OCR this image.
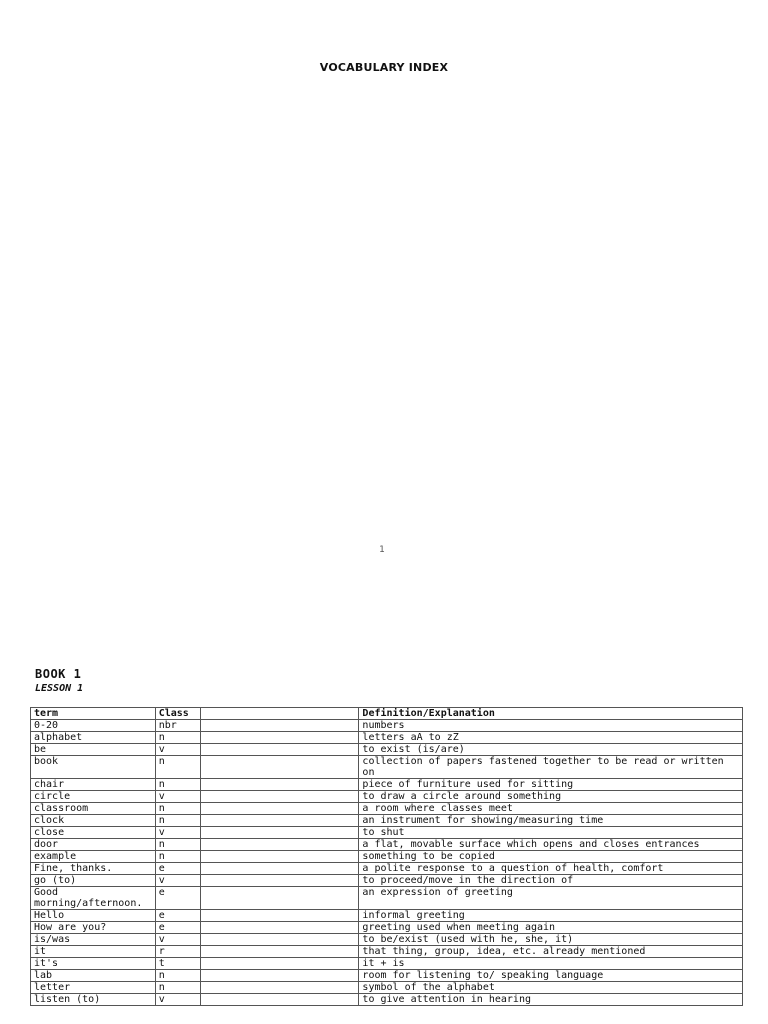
VOCABULARY INDEX
1
BOOK 1
LESSON 1
term	Class		Definition/Explanation
0-20	nbr		numbers
alphabet	n		letters aA to zZ
be	v		to exist (is/are)
book	n		collection of papers fastened together to be read or written on
chair	n		piece of furniture used for sitting
circle	v		to draw a circle around something
classroom	n		a room where classes meet
clock	n		an instrument for showing/measuring time
close	v		to shut
door	n		a flat, movable surface which opens and closes entrances
example	n		something to be copied
Fine, thanks.	e		a polite response to a question of health, comfort
go (to)	v		to proceed/move in the direction of
Good morning/afternoon.	e		an expression of greeting
Hello	e		informal greeting
How are you?	e		greeting used when meeting again
is/was	v		to be/exist (used with he, she, it)
it	r		that thing, group, idea, etc. already mentioned
it's	t		it + is
lab	n		room for listening to/ speaking language
letter	n		symbol of the alphabet
listen (to)	v		to give attention in hearing
